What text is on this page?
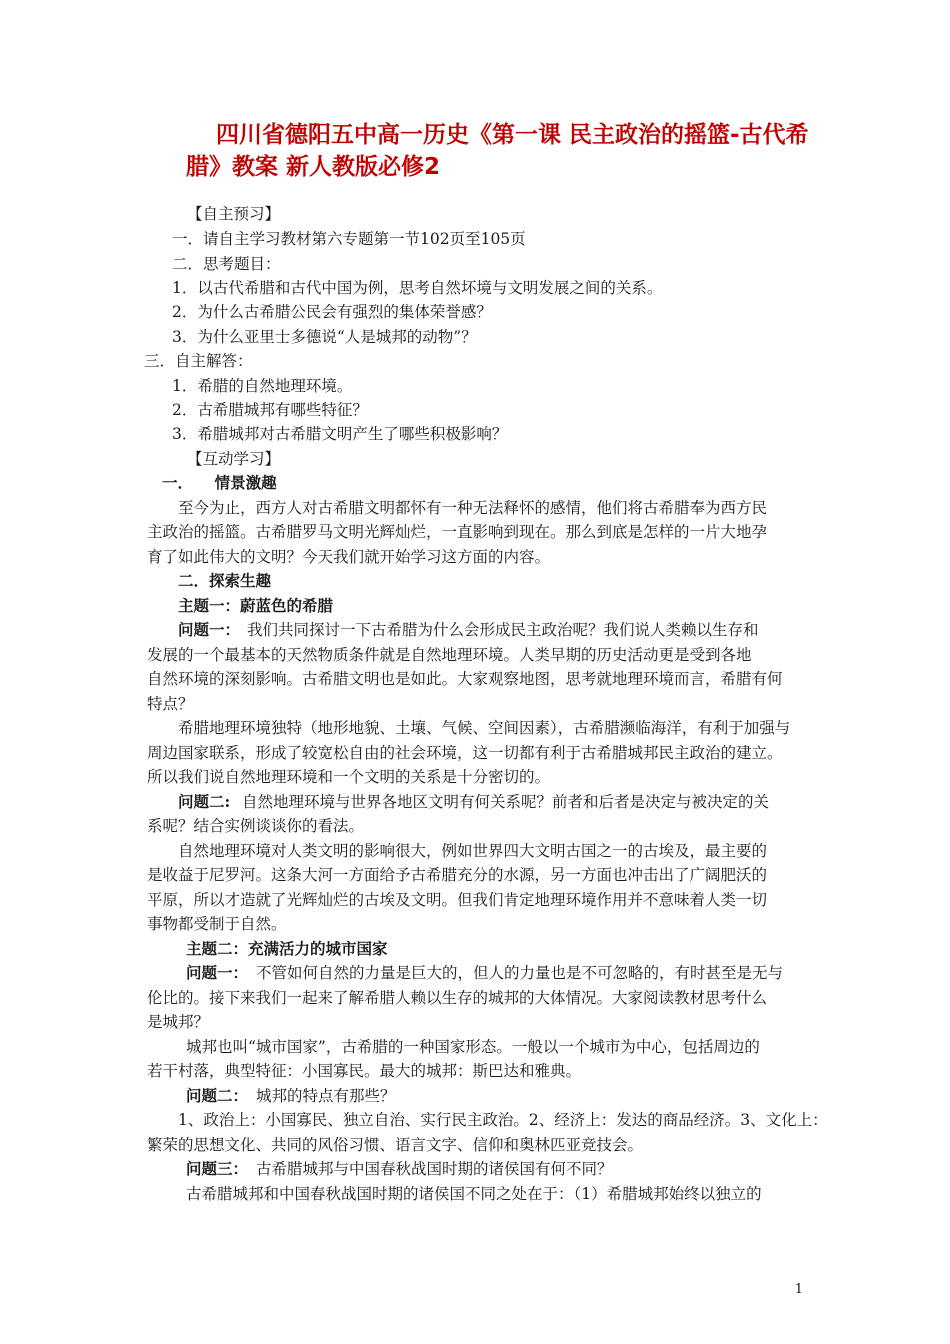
四川省德阳五中高一历史《第一课 民主政治的摇篮-古代希
腊》教案 新人教版必修2
【自主预习】
一．请自主学习教材第六专题第一节102页至105页
二．思考题目：
1．以古代希腊和古代中国为例，思考自然坏境与文明发展之间的关系。
2．为什么古希腊公民会有强烈的集体荣誉感？
3．为什么亚里士多德说“人是城邦的动物”？
三．自主解答：
1．希腊的自然地理环境。
2．古希腊城邦有哪些特征？
3．希腊城邦对古希腊文明产生了哪些积极影响？
【互动学习】
一．    情景激趣
至今为止，西方人对古希腊文明都怀有一种无法释怀的感情，他们将古希腊奉为西方民
主政治的摇篮。古希腊罗马文明光辉灿烂，一直影响到现在。那么到底是怎样的一片大地孕
育了如此伟大的文明？今天我们就开始学习这方面的内容。
二．探索生趣
主题一：蔚蓝色的希腊
问题一： 我们共同探讨一下古希腊为什么会形成民主政治呢？我们说人类赖以生存和
发展的一个最基本的天然物质条件就是自然地理环境。人类早期的历史活动更是受到各地
自然环境的深刻影响。古希腊文明也是如此。大家观察地图，思考就地理环境而言，希腊有何
特点？
希腊地理环境独特（地形地貌、土壤、气候、空间因素），古希腊濒临海洋，有利于加强与
周边国家联系，形成了较宽松自由的社会环境，这一切都有利于古希腊城邦民主政治的建立。
所以我们说自然地理环境和一个文明的关系是十分密切的。
问题二: 自然地理环境与世界各地区文明有何关系呢？前者和后者是决定与被决定的关
系呢？结合实例谈谈你的看法。
自然地理环境对人类文明的影响很大，例如世界四大文明古国之一的古埃及，最主要的
是收益于尼罗河。这条大河一方面给予古希腊充分的水源，另一方面也冲击出了广阔肥沃的
平原，所以才造就了光辉灿烂的古埃及文明。但我们肯定地理环境作用并不意味着人类一切
事物都受制于自然。
主题二：充满活力的城市国家
问题一： 不管如何自然的力量是巨大的，但人的力量也是不可忽略的，有时甚至是无与
伦比的。接下来我们一起来了解希腊人赖以生存的城邦的大体情况。大家阅读教材思考什么
是城邦？
城邦也叫“城市国家”，古希腊的一种国家形态。一般以一个城市为中心，包括周边的
若干村落，典型特征：小国寡民。最大的城邦：斯巴达和雅典。
问题二： 城邦的特点有那些？
1、政治上：小国寡民、独立自治、实行民主政治。2、经济上：发达的商品经济。3、文化上：
繁荣的思想文化、共同的风俗习惯、语言文字、信仰和奥林匹亚竞技会。
问题三： 古希腊城邦与中国春秋战国时期的诸侯国有何不同？
古希腊城邦和中国春秋战国时期的诸侯国不同之处在于：（1）希腊城邦始终以独立的
1
